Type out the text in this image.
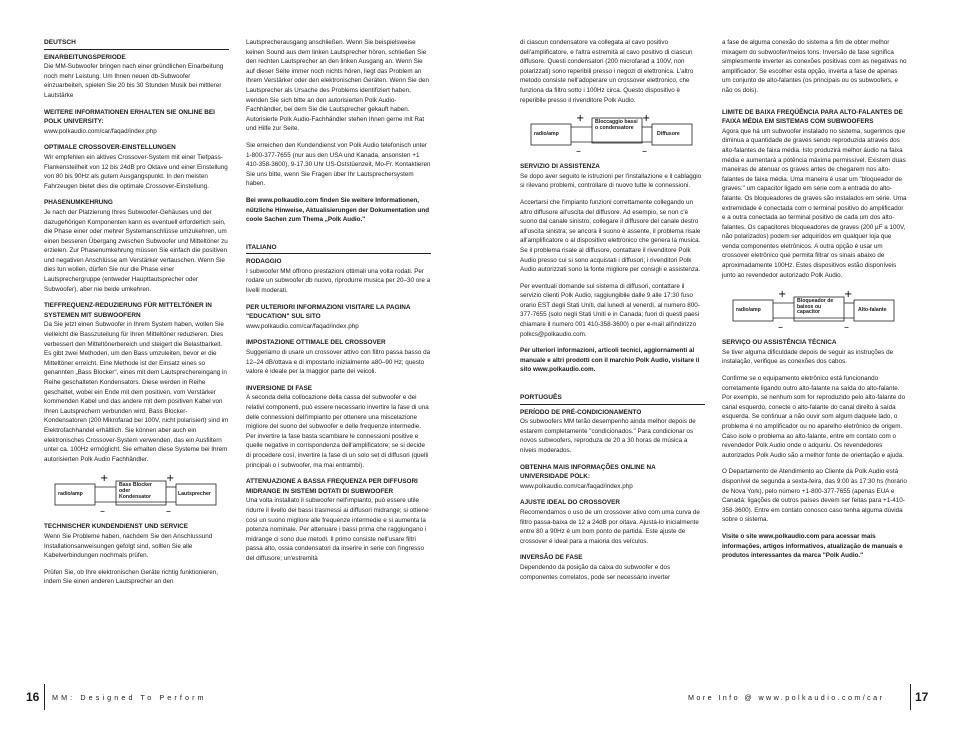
DEUTSCH
EINARBEITUNGSPERIODE

Die MM-Subwoofer bringen nach einer gründlichen Einarbeitung noch mehr Leistung. Um Ihnen neuen db-Subwoofer einzuarbeiten, spielen Sie 20 bis 30 Stunden Musik bei mittlerer Lautstärke

WEITERE INFORMATIONEN ERHALTEN SIE ONLINE BEI POLK UNIVERSITY:

www.polkaudio.com/car/faqad/index.php

OPTIMALE CROSSOVER-EINSTELLUNGEN

Wir empfehlen ein aktives Crossover-System mit einer Tiefpass-Flankensteilheit von 12 bis 24dB pro Oktave und einer Einstellung von 80 bis 90Hz als gutem Ausgangspunkt. In den meisten Fahrzeugen bietet dies die optimale Crossover-Einstellung.

PHASENUMKEHRUNG

Je nach der Platzierung Ihres Subwoofer-Gehäuses und der dazugehörigen Komponenten kann es eventuell erforderlich sein, die Phase einer oder mehrer Systemanschlüsse umzukehren, um einen besseren Übergang zwischen Subwoofer und Mitteltöner zu erzielen. Zur Phasenumkehrung müssen Sie einfach die positiven und negativen Anschlüsse am Verstärker vertauschen. Wenn Sie dies tun wollen, dürfen Sie nur die Phase einer Lautsprechergruppe (entweder Haupttautsprecher oder Subwoofer), aber nie beide umkehren.

TIEFFREQUENZ-REDUZIERUNG FÜR MITTELTÖNER IN SYSTEMEN MIT SUBWOOFERN

Da Sie jetzt einen Subwoofer in Ihrem System haben, wollen Sie vielleicht die Basszuteilung für Ihren Mitteltöner reduzieren. Dies verbessert den Mitteltönerbereich und steigert die Belastbarkeit. Es gibt zwei Methoden, um den Bass umzuleiten, bevor er die Mitteltöner erreicht. Eine Methode ist der Einsatz eines so genannten „Bass Blocker", eines mit dem Lautsprechereingang in Reihe geschalteten Kondensators. Diese werden in Reihe geschaltet, wobei ein Ende mit dem positiven, vom Verstärker kommenden Kabel und das andere mit dem positiven Kabel von Ihren Lautsprechern verbunden wird. Bass Blocker-Kondensatoren (200 Mikrofarad bei 100V, nicht polarisiert) sind im Elektrofachhandel erhältlich. Sie können aber auch ein elektronisches Crossover-System verwenden, das ein Ausfiltern unter ca. 100Hz ermöglicht. Sie erhalten diese Systeme bei Ihrem autorisierten Polk Audio Fachhändler.

+	+
–	–
radio/amp
Bass Blocker oder Kondensator	Lautsprecher
TECHNISCHER KUNDENDIENST UND SERVICE

Wenn Sie Probleme haben, nachdem Sie den Anschlussund Installationsanweisungen gefolgt sind, sollten Sie alle Kabelverbindungen nochmals prüfen.

Prüfen Sie, ob Ihre elektronischen Geräte richtig funktionieren, indem Sie einen anderen Lautsprecher an den

Lautsprecherausgang anschließen. Wenn Sie beispielsweise keinen Sound aus dem linken Lautsprecher hören, schließen Sie den rechten Lautsprecher an den linken Ausgang an. Wenn Sie auf dieser Seite immer noch nichts hören, liegt das Problem an Ihrem Verstärker oder den elektronischen Geräten. Wenn Sie den Lautsprecher als Ursache des Problems identifiziert haben, wenden Sie sich bitte an den autorisierten Polk Audio-Fachhändler, bei dem Sie die Lautsprecher gekauft haben. Autorisierte Polk Audio-Fachhändler stehen Ihnen gerne mit Rat und Hilfe zur Seite.

Sie erreichen den Kundendienst von Polk Audio telefonisch unter 1-800-377-7655 (nur aus den USA und Kanada, ansonsten +1 410-358-3600), 9-17.30 Uhr US-Oststüenzeit, Mo-Fr. Kontaktieren Sie uns bitte, wenn Sie Fragen über Ihr Lautsprechersystem haben.

Bei www.polkaudio.com finden Sie weitere Informationen, nützliche Hinweise, Aktualisierungen der Dokumentation und coole Sachen zum Thema „Polk Audio."

ITALIANO
RODAGGIO

I subwoofer MM offrono prestazioni ottimali una volta rodati. Per rodare un subwoofer db nuovo, riprodurre musica per 20–30 ore a livelli moderati.

PER ULTERIORI INFORMAZIONI VISITARE LA PAGINA "EDUCATION" SUL SITO

www.polkaudio.com/car/faqad/index.php

IMPOSTAZIONE OTTIMALE DEL CROSSOVER

Suggeriamo di usare un crossover attivo con filtro passa basso da 12–24 dB/ottava e di impostarlo inizialmente a80–90 Hz; questo valore è ideale per la maggior parte dei veicoli.

INVERSIONE DI FASE

A seconda della collocazione della cassa del subwoofer e dei relativi componenti, può essere necessario invertire la fase di una delle connessioni dell'impianto per ottenere una miscelazione migliore del suono del subwoofer e delle frequenze intermedie. Per invertire la fase basta scambiare le connessioni positive e quelle negative in corrispondenza dell'amplificatore; se si decide di procedere così, invertire la fase di un solo set di diffusori (quelli principali o i subwoofer, ma mai entrambi).

ATTENUAZIONE A BASSA FREQUENZA PER DIFFUSORI MIDRANGE IN SISTEMI DOTATI DI SUBWOOFER

Una volta installato il subwoofer nell'impianto, può essere utile ridurre il livello dei bassi trasmessi ai diffusori midrange; si ottiene così un suono migliore alle frequenze intermedie e si aumenta la potenza nominale. Per attenuare i bassi prima che raggiungano i midrange ci sono due metodi. Il primo consiste nell'usare filtri passa alto, ossia condensatori da inserire in serie con l'ingresso del diffusore; un'estremità

di ciascun condensatore va collegata al cavo positivo dell'amplificatore, e l'altra estremità al cavo positivo di ciascun diffusore. Questi condensatori (200 microfarad a 100V, non polarizzati) sono reperibili presso i negozi di elettronica. L'altro metodo consiste nell'adoperare un crossover elettronico, che funziona da filtro sotto i 100Hz circa. Questo dispositivo è reperibile presso il rivenditore Polk Audio.

+	+
–	–
radio/amp
Bloccaggio bassi o condensatore
Diffusore
SERVIZIO DI ASSISTENZA

Se dopo aver seguito le istruzioni per l'installazione e il cablaggio si rilevano problemi, controllare di nuovo tutte le connessioni.

Accertarsi che l'impianto funzioni correttamente collegando un altro diffusore all'uscita del diffusore. Ad esempio, se non c'è suono dal canale sinistro, collegare il diffusore del canale destro all'uscita sinistra; se ancora il suono è assente, il problema risale all'amplificatore o al dispositivo elettronico che genera la musica. Se il problema risale al diffusore, contattare il rivenditore Polk Audio presso cui si sono acquistati i diffusori; i rivenditori Polk Audio autorizzati sono la fonte migliore per consigli e assistenza.

Per eventuali domande sul sistema di diffusori, contattare il servizio clienti Polk Audio, raggiungibile dalle 9 alle 17:30 fuso orario EST degli Stati Uniti, dal lunedì al venerdì, al numero 800-377-7655 (solo negli Stati Uniti e in Canada; fuori di questi paesi chiamare il numero 001 410-358-3600) o per e-mail all'indirizzo polkcs@polkaudio.com.

Per ulteriori informazioni, articoli tecnici, aggiornamenti al manuale e altri prodotti con il marchio Polk Audio, visitare il sito www.polkaudio.com.

PORTUGUÊS
PERÍODO DE PRÉ-CONDICIONAMENTO

Os subwoofers MM terão desempenho ainda melhor depois de estarem completamente "condicionados." Para condicionar os novos subwoofers, reproduza de 20 a 30 horas de música a níveis moderados.

OBTENHA MAIS INFORMAÇÕES ONLINE NA UNIVERSIDADE POLK:

www.polkaudio.com/car/faqad/index.php

AJUSTE IDEAL DO CROSSOVER

Recomendamos o uso de um crossover ativo com uma curva de filtro passa-baixa de 12 a 24dB por oitava. Ajustá-lo inicialmente entre 80 a 90Hz é um bom ponto de partida. Este ajuste de crossover é ideal para a maioria dos veículos.

INVERSÃO DE FASE

Dependendo da posição da caixa do subwoofer e dos componentes correlatos, pode ser necessário inverter

a fase de alguma conexão do sistema a fim de obter melhor mixagem do subwoofer/meios tons. Inversão de fase significa simplesmente inverter as conexões positivas com as negativas no amplificador. Se escolher esta opção, inverta a fase de apenas um conjunto de alto-falantes (os principais ou os subwoofers, e não os dois).

LIMITE DE BAIXA FREQÜÊNCIA PARA ALTO-FALANTES DE FAIXA MÉDIA EM SISTEMAS COM SUBWOOFERS

Agora que há um subwoofer instalado no sistema, sugerimos que diminua a quantidade de graves sendo reproduzida através dos alto-falantes de faixa média. Isto produzirá melhor áudio na faixa média e aumentará a potência máxima permissível. Existem duas maneiras de atenuar os graves antes de chegarem nos alto-falantes de faixa média. Uma maneira é usar um "bloqueador de graves:" um capacitor ligado em série com a entrada do alto-falante. Os bloqueadores de graves são instalados em série. Uma extremidade é conectada com o terminal positivo do amplificador e a outra conectada ao terminal positivo de cada um dos alto-falantes. Os capacitores bloqueadores de graves (200 µF a 100V, não polarizados) podem ser adquiridos em qualquer loja que venda componentes eletrônicos. A outra opção é usar um crossover eletrônico que permita filtrar os sinais abaixo de aproximadamente 100Hz. Estes dispositivos estão disponíveis junto ao revendedor autorizado Polk Audio.

+	+
–	–
radio/amp
Bloqueador de baixos ou capacitor	Alto-falante
SERVIÇO OU ASSISTÊNCIA TÉCNICA

Se tiver alguma dificuldade depois de seguir as instruções de instalação, verifique as conexões dos cabos.

Confirme se o equipamento eletrônico está funcionando corretamente ligando outro alto-falante na saída do alto-falante. Por exemplo, se nenhum som for reproduzido pelo alto-falante do canal esquerdo, conecte o alto-falante do canal direito à saída esquerda. Se continuar a não ouvir som algum daquele lado, o problema é no amplificador ou no aparelho eletrônico de origem. Caso isole o problema ao alto-falante, entre em contato com o revendedor Polk Audio onde o adquiriu. Os revendedores autorizados Polk Audio são a melhor fonte de orientação e ajuda.

O Departamento de Atendimento ao Cliente da Polk Audio está disponível de segunda a sexta-feira, das 9:00 às 17:30 hs (horário de Nova York), pelo número +1-800-377-7655 (apenas EUA e Canadá; ligações de outros países devem ser feitas para +1-410-358-3600). Entre em contato conosco caso tenha alguma dúvida sobre o sistema.

Visite o site www.polkaudio.com para acessar mais informações, artigos informativos, atualização de manuais e produtos interessantes da marca "Polk Audio."

16 MM: Designed To Perform	More Info @ www.polkaudio.com/car	17
